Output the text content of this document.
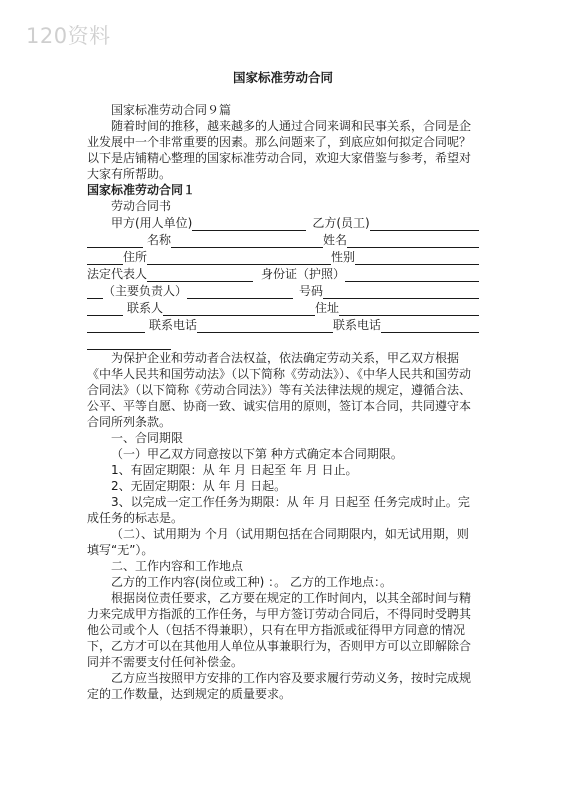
120资料
国家标准劳动合同

国家标准劳动合同９篇

随着时间的推移，越来越多的人通过合同来调和民事关系，合同是企业发展中一个非常重要的因素。那么问题来了，到底应如何拟定合同呢？以下是店铺精心整理的国家标准劳动合同，欢迎大家借鉴与参考，希望对大家有所帮助。

国家标准劳动合同１

劳动合同书

甲方(用人单位)	乙方(员工)
名称	姓名
住所	性别
法定代表人	身份证（护照）
（主要负责人）	号码
联系人	住址
联系电话	联系电话

为保护企业和劳动者合法权益，依法确定劳动关系，甲乙双方根据《中华人民共和国劳动法》（以下简称《劳动法》）、《中华人民共和国劳动合同法》（以下简称《劳动合同法》）等有关法律法规的规定，遵循合法、公平、平等自愿、协商一致、诚实信用的原则，签订本合同，共同遵守本合同所列条款。

一、合同期限

（一）甲乙双方同意按以下第 种方式确定本合同期限。

1、有固定期限：从 年 月 日起至 年 月 日止。

2、无固定期限：从 年 月 日起。

3、以完成一定工作任务为期限：从 年 月 日起至 任务完成时止。完成任务的标志是。

（二）、试用期为 个月（试用期包括在合同期限内，如无试用期，则填写“无”）。

二、工作内容和工作地点

乙方的工作内容(岗位或工种) ：。 乙方的工作地点：。

根据岗位责任要求，乙方要在规定的工作时间内，以其全部时间与精力来完成甲方指派的工作任务，与甲方签订劳动合同后，不得同时受聘其他公司或个人（包括不得兼职），只有在甲方指派或征得甲方同意的情况下，乙方才可以在其他用人单位从事兼职行为，否则甲方可以立即解除合同并不需要支付任何补偿金。

乙方应当按照甲方安排的工作内容及要求履行劳动义务，按时完成规定的工作数量，达到规定的质量要求。
